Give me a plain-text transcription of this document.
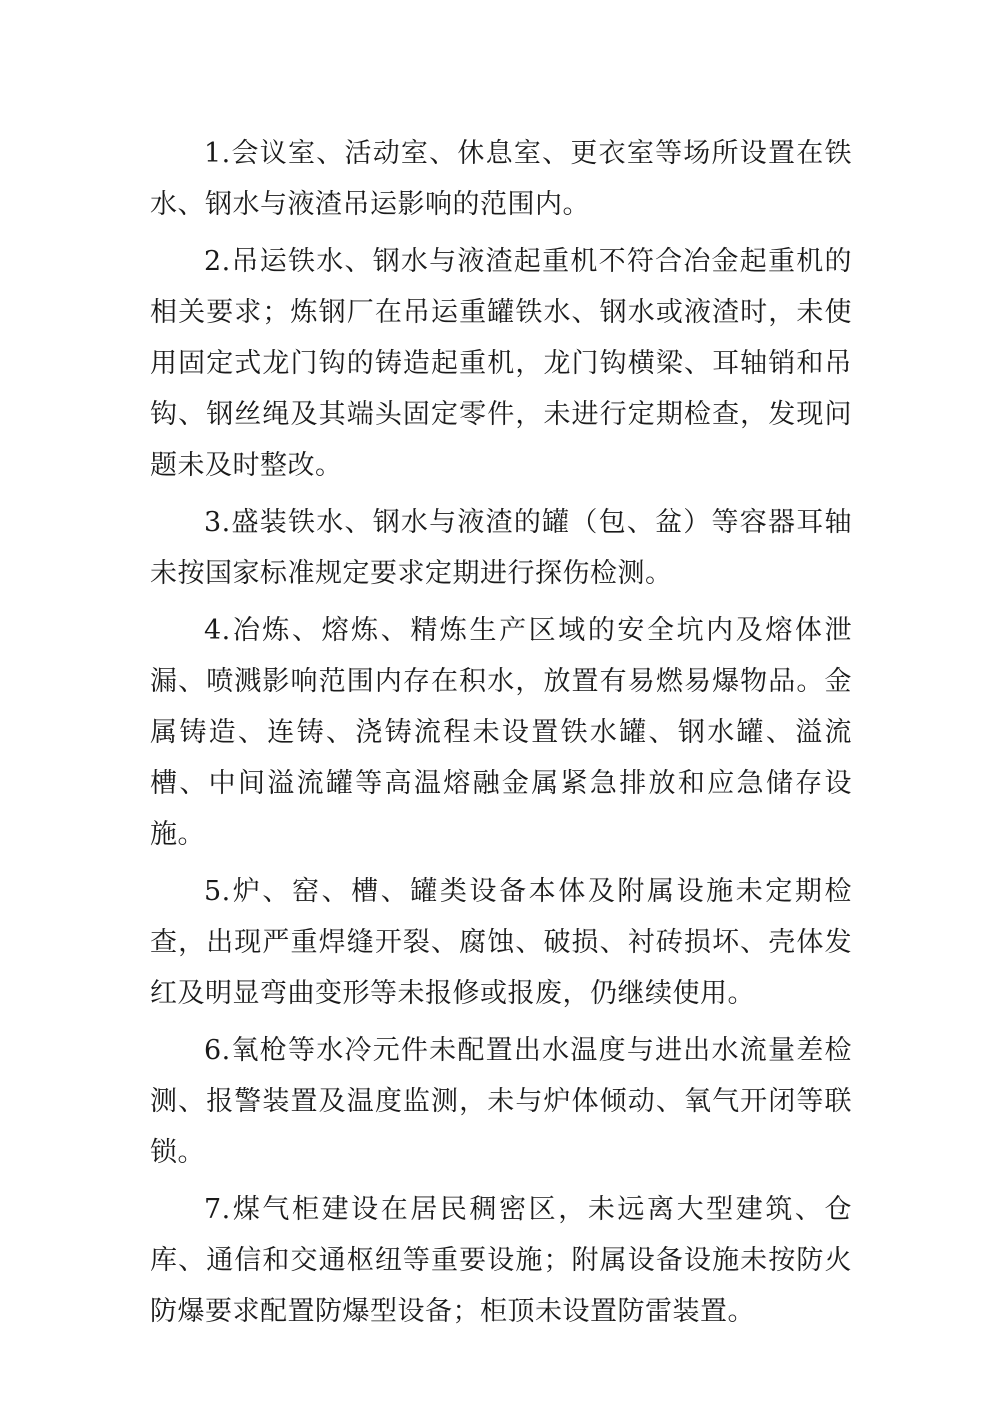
1.会议室、活动室、休息室、更衣室等场所设置在铁水、钢水与液渣吊运影响的范围内。

2.吊运铁水、钢水与液渣起重机不符合冶金起重机的相关要求；炼钢厂在吊运重罐铁水、钢水或液渣时，未使用固定式龙门钩的铸造起重机，龙门钩横梁、耳轴销和吊钩、钢丝绳及其端头固定零件，未进行定期检查，发现问题未及时整改。

3.盛装铁水、钢水与液渣的罐（包、盆）等容器耳轴未按国家标准规定要求定期进行探伤检测。

4.冶炼、熔炼、精炼生产区域的安全坑内及熔体泄漏、喷溅影响范围内存在积水，放置有易燃易爆物品。金属铸造、连铸、浇铸流程未设置铁水罐、钢水罐、溢流槽、中间溢流罐等高温熔融金属紧急排放和应急储存设施。

5.炉、窑、槽、罐类设备本体及附属设施未定期检查，出现严重焊缝开裂、腐蚀、破损、衬砖损坏、壳体发红及明显弯曲变形等未报修或报废，仍继续使用。

6.氧枪等水冷元件未配置出水温度与进出水流量差检测、报警装置及温度监测，未与炉体倾动、氧气开闭等联锁。

7.煤气柜建设在居民稠密区，未远离大型建筑、仓库、通信和交通枢纽等重要设施；附属设备设施未按防火防爆要求配置防爆型设备；柜顶未设置防雷装置。
